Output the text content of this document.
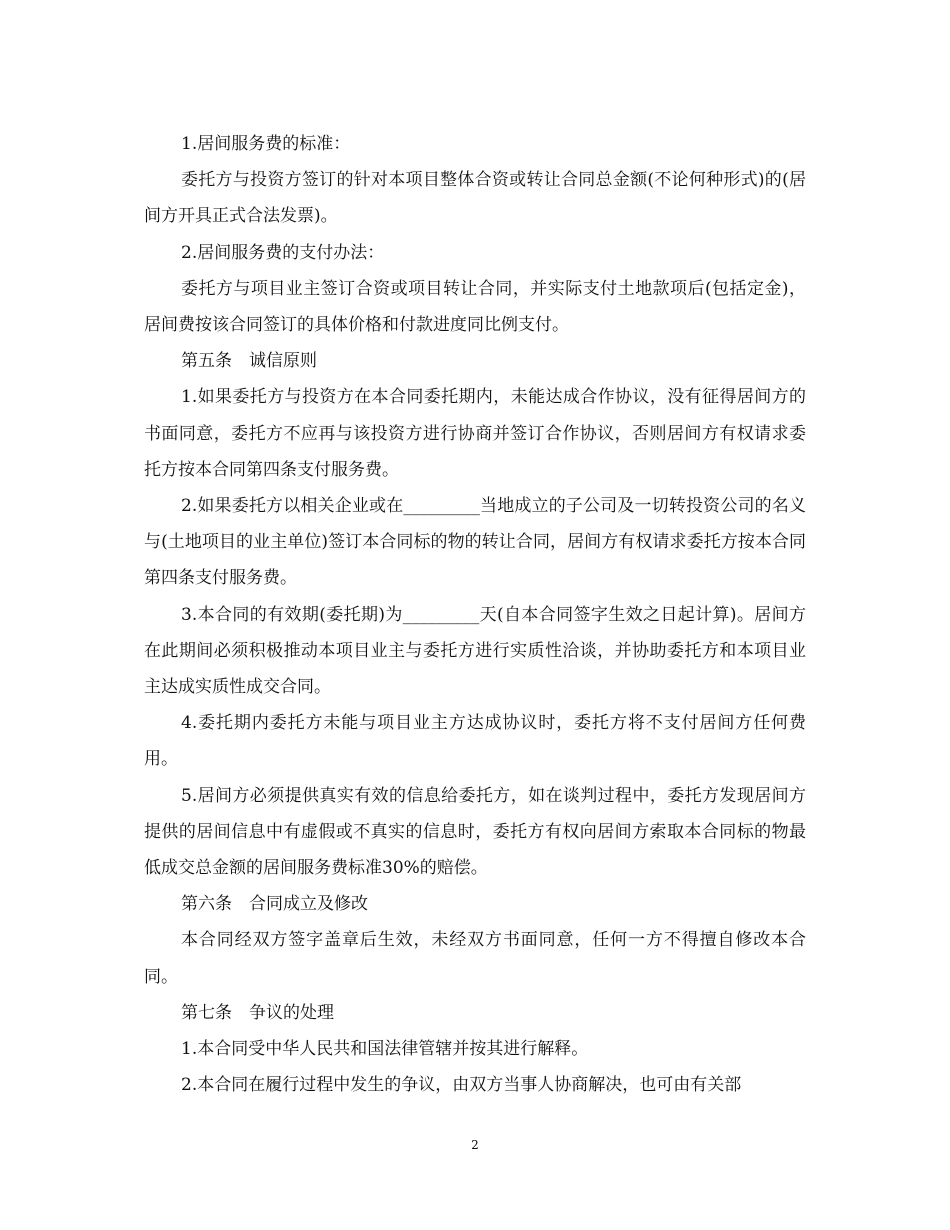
1.居间服务费的标准：

委托方与投资方签订的针对本项目整体合资或转让合同总金额(不论何种形式)的(居间方开具正式合法发票)。

2.居间服务费的支付办法：

委托方与项目业主签订合资或项目转让合同，并实际支付土地款项后(包括定金)，居间费按该合同签订的具体价格和付款进度同比例支付。

第五条　诚信原则

1.如果委托方与投资方在本合同委托期内，未能达成合作协议，没有征得居间方的书面同意，委托方不应再与该投资方进行协商并签订合作协议，否则居间方有权请求委托方按本合同第四条支付服务费。

2.如果委托方以相关企业或在_________当地成立的子公司及一切转投资公司的名义与(土地项目的业主单位)签订本合同标的物的转让合同，居间方有权请求委托方按本合同第四条支付服务费。

3.本合同的有效期(委托期)为_________天(自本合同签字生效之日起计算)。居间方在此期间必须积极推动本项目业主与委托方进行实质性洽谈，并协助委托方和本项目业主达成实质性成交合同。

4.委托期内委托方未能与项目业主方达成协议时，委托方将不支付居间方任何费用。

5.居间方必须提供真实有效的信息给委托方，如在谈判过程中，委托方发现居间方提供的居间信息中有虚假或不真实的信息时，委托方有权向居间方索取本合同标的物最低成交总金额的居间服务费标准30%的赔偿。

第六条　合同成立及修改

本合同经双方签字盖章后生效，未经双方书面同意，任何一方不得擅自修改本合同。

第七条　争议的处理

1.本合同受中华人民共和国法律管辖并按其进行解释。

2.本合同在履行过程中发生的争议，由双方当事人协商解决，也可由有关部

2
